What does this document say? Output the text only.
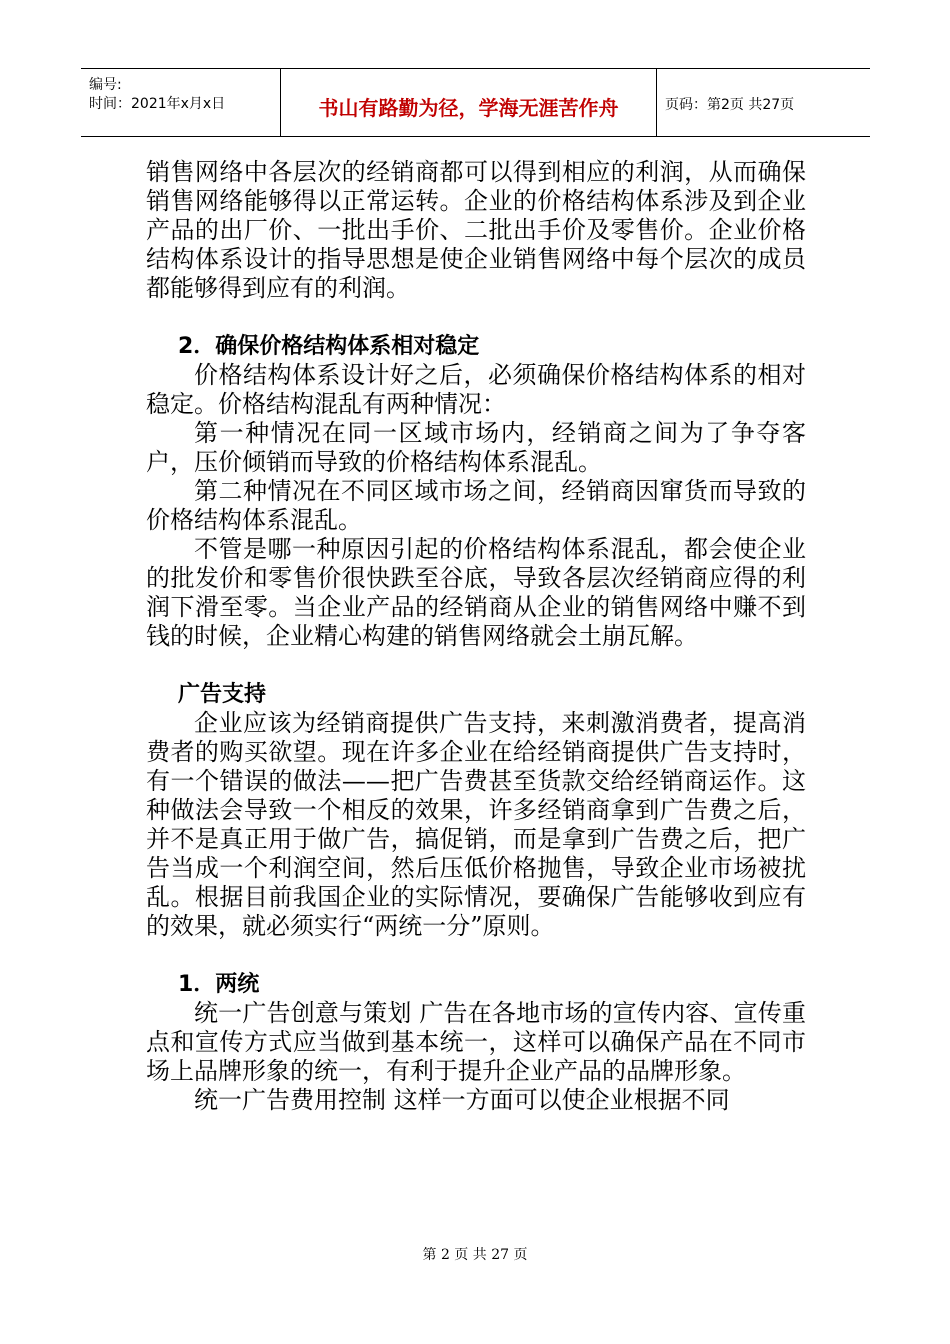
编号:
时间：2021年x月x日	书山有路勤为径，学海无涯苦作舟	页码：第2页 共27页

销售网络中各层次的经销商都可以得到相应的利润，从而确保销售网络能够得以正常运转。企业的价格结构体系涉及到企业产品的出厂价、一批出手价、二批出手价及零售价。企业价格结构体系设计的指导思想是使企业销售网络中每个层次的成员都能够得到应有的利润。

2．确保价格结构体系相对稳定

价格结构体系设计好之后，必须确保价格结构体系的相对稳定。价格结构混乱有两种情况：

第一种情况在同一区域市场内，经销商之间为了争夺客户，压价倾销而导致的价格结构体系混乱。

第二种情况在不同区域市场之间，经销商因窜货而导致的价格结构体系混乱。

不管是哪一种原因引起的价格结构体系混乱，都会使企业的批发价和零售价很快跌至谷底，导致各层次经销商应得的利润下滑至零。当企业产品的经销商从企业的销售网络中赚不到钱的时候，企业精心构建的销售网络就会土崩瓦解。

广告支持

企业应该为经销商提供广告支持，来刺激消费者，提高消费者的购买欲望。现在许多企业在给经销商提供广告支持时，有一个错误的做法——把广告费甚至货款交给经销商运作。这种做法会导致一个相反的效果，许多经销商拿到广告费之后，并不是真正用于做广告，搞促销，而是拿到广告费之后，把广告当成一个利润空间，然后压低价格抛售，导致企业市场被扰乱。根据目前我国企业的实际情况，要确保广告能够收到应有的效果，就必须实行“两统一分”原则。

1．两统

统一广告创意与策划 广告在各地市场的宣传内容、宣传重点和宣传方式应当做到基本统一，这样可以确保产品在不同市场上品牌形象的统一，有利于提升企业产品的品牌形象。

统一广告费用控制 这样一方面可以使企业根据不同

第 2 页 共 27 页
